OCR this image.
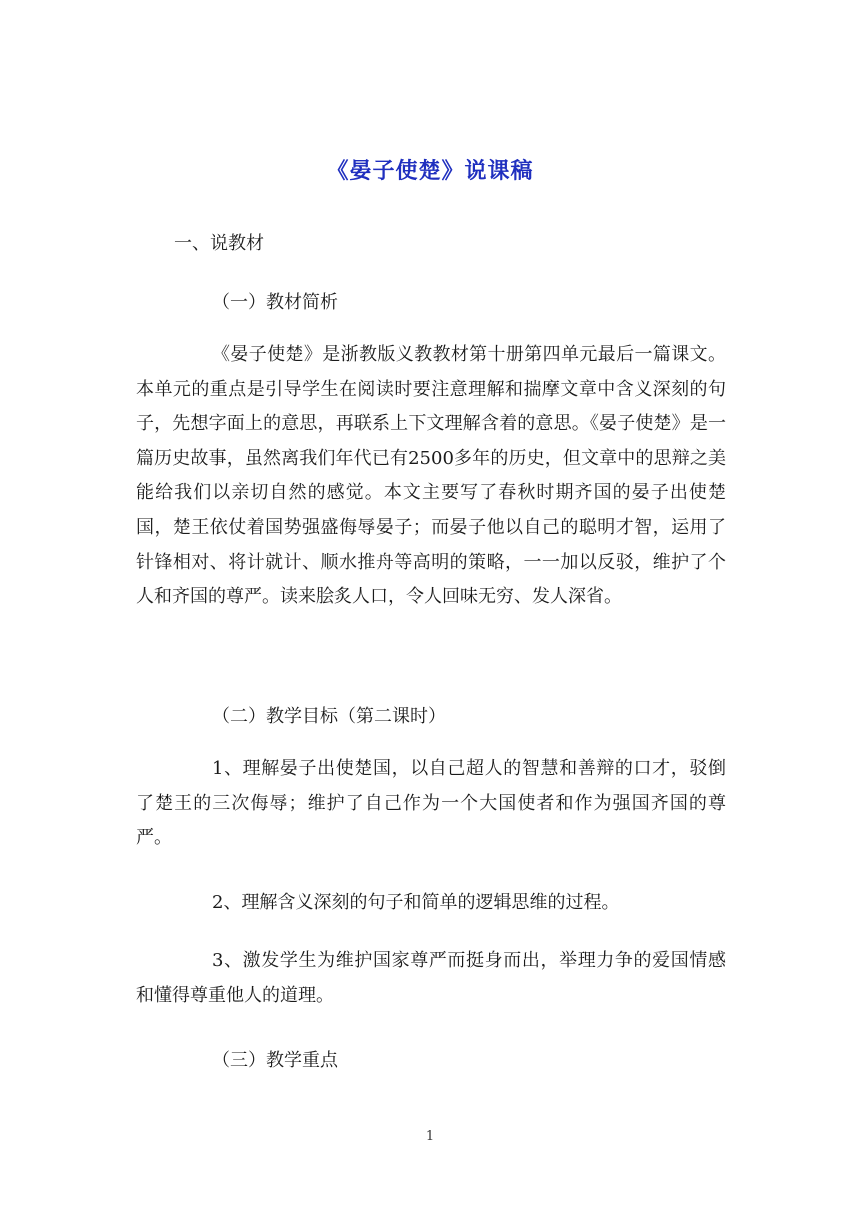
《晏子使楚》说课稿
一、说教材
（一）教材简析

《晏子使楚》是浙教版义教教材第十册第四单元最后一篇课文。本单元的重点是引导学生在阅读时要注意理解和揣摩文章中含义深刻的句子，先想字面上的意思，再联系上下文理解含着的意思。《晏子使楚》是一篇历史故事，虽然离我们年代已有2500多年的历史，但文章中的思辩之美能给我们以亲切自然的感觉。本文主要写了春秋时期齐国的晏子出使楚国，楚王依仗着国势强盛侮辱晏子；而晏子他以自己的聪明才智，运用了针锋相对、将计就计、顺水推舟等高明的策略，一一加以反驳，维护了个人和齐国的尊严。读来脍炙人口，令人回味无穷、发人深省。

（二）教学目标（第二课时）

1、理解晏子出使楚国，以自己超人的智慧和善辩的口才，驳倒了楚王的三次侮辱；维护了自己作为一个大国使者和作为强国齐国的尊严。

2、理解含义深刻的句子和简单的逻辑思维的过程。

3、激发学生为维护国家尊严而挺身而出，举理力争的爱国情感和懂得尊重他人的道理。

（三）教学重点
1
